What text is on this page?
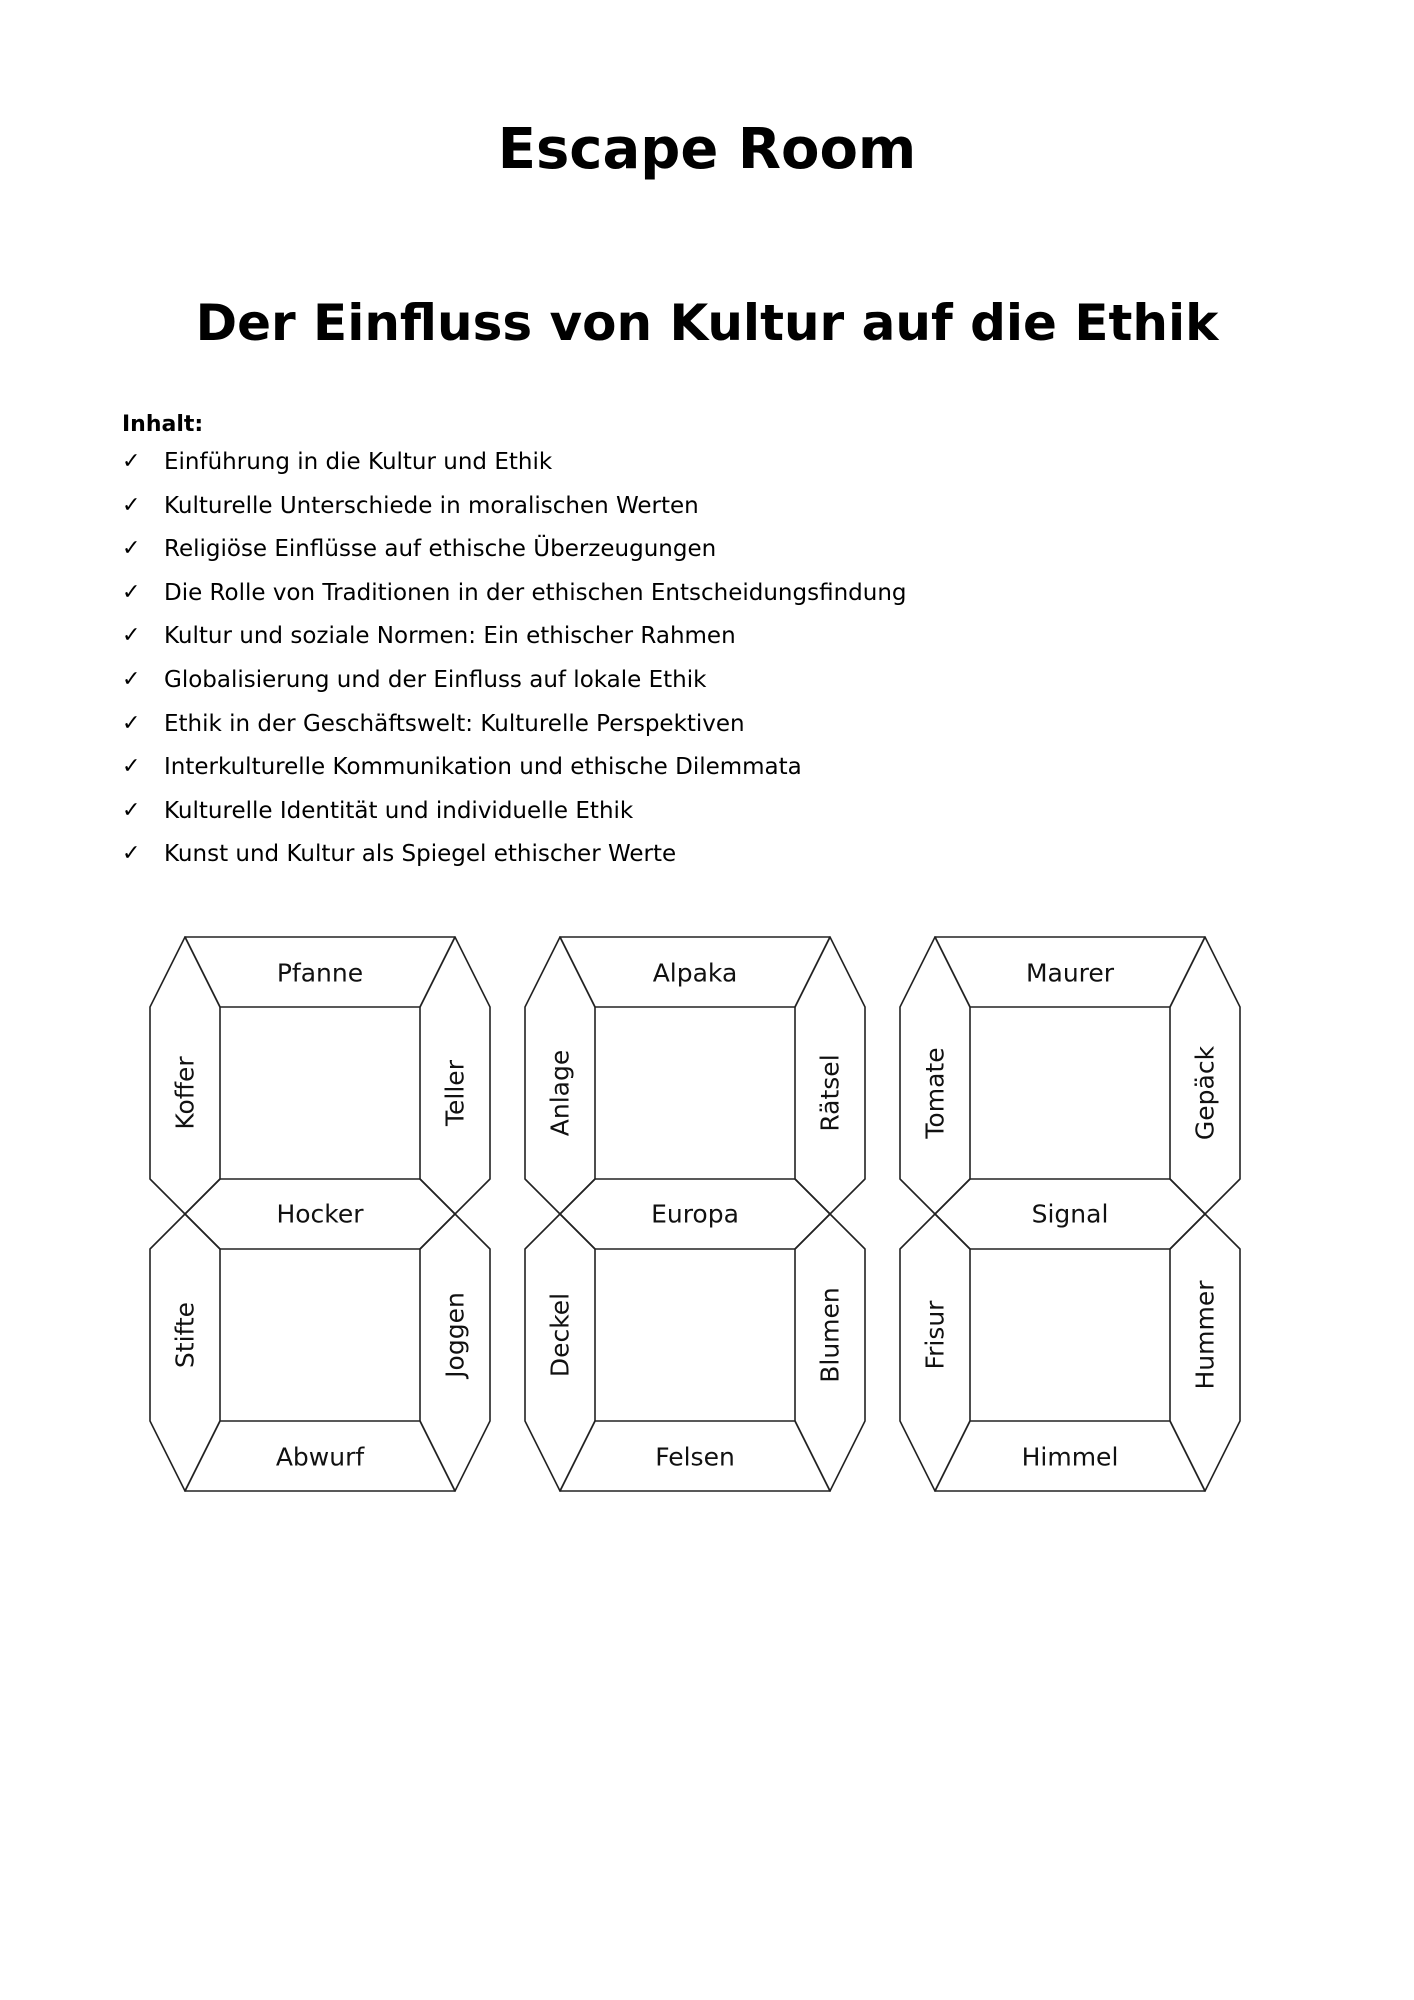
Escape Room
Der Einfluss von Kultur auf die Ethik

Inhalt:

✓ Einführung in die Kultur und Ethik
✓ Kulturelle Unterschiede in moralischen Werten
✓ Religiöse Einflüsse auf ethische Überzeugungen
✓ Die Rolle von Traditionen in der ethischen Entscheidungsfindung
✓ Kultur und soziale Normen: Ein ethischer Rahmen
✓ Globalisierung und der Einfluss auf lokale Ethik
✓ Ethik in der Geschäftswelt: Kulturelle Perspektiven
✓ Interkulturelle Kommunikation und ethische Dilemmata
✓ Kulturelle Identität und individuelle Ethik
✓ Kunst und Kultur als Spiegel ethischer Werte
Pfanne
Koffer	Teller
Hocker
Stifte	Joggen
Abwurf
Alpaka
Anlage	Rätsel
Europa
Deckel	Blumen
Felsen
Maurer
Tomate	Gepäck
Signal
Frisur	Hummer
Himmel
